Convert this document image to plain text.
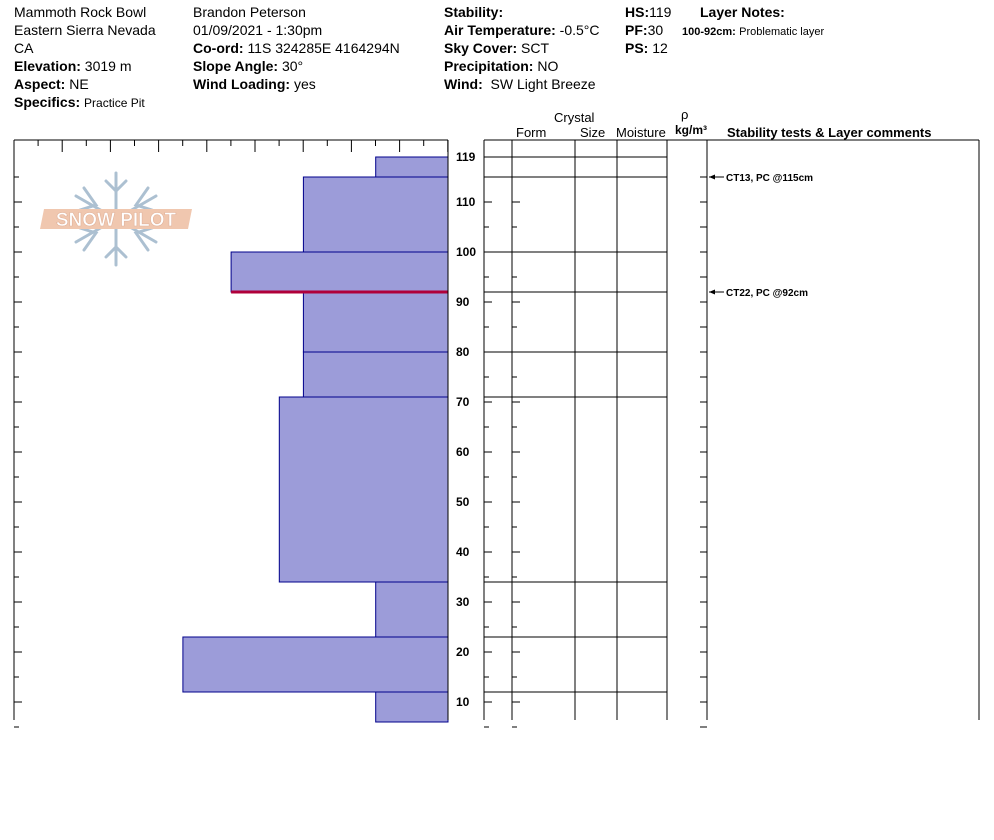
Mammoth Rock Bowl
Eastern Sierra Nevada
CA
Elevation: 3019 m
Aspect: NE
Specifics: Practice Pit
Brandon Peterson
01/09/2021 - 1:30pm
Co-ord: 11S 324285E 4164294N
Slope Angle: 30°
Wind Loading: yes
Stability:
Air Temperature: -0.5°C
Sky Cover: SCT
Precipitation: NO
Wind: SW Light Breeze
HS:119
PF:30
PS: 12
Layer Notes:
100-92cm: Problematic layer
Crystal
Form	Size Moisture
ρ
kg/m³ Stability tests & Layer comments
SNOW PILOT
10
20
30
40
50
60
70
80
90
100
110
119
CT13, PC @115cm
CT22, PC @92cm
